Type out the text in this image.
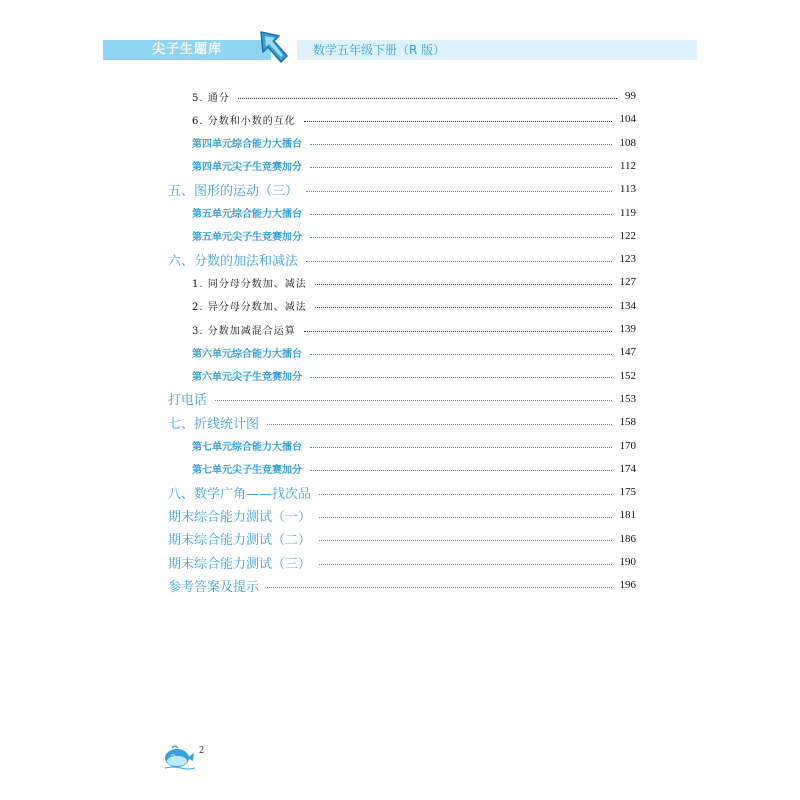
尖子生题库	数学五年级下册（R 版）
5. 通分	99
6. 分数和小数的互化	104
第四单元综合能力大擂台	108
第四单元尖子生竞赛加分	112
五、图形的运动（三）	113
第五单元综合能力大擂台	119
第五单元尖子生竞赛加分	122
六、分数的加法和减法	123
1. 同分母分数加、减法	127
2. 异分母分数加、减法	134
3. 分数加减混合运算	139
第六单元综合能力大擂台	147
第六单元尖子生竞赛加分	152
打电话	153
七、折线统计图	158
第七单元综合能力大擂台	170
第七单元尖子生竞赛加分	174
八、数学广角——找次品	175
期末综合能力测试（一）	181
期末综合能力测试（二）	186
期末综合能力测试（三）	190
参考答案及提示	196
2
